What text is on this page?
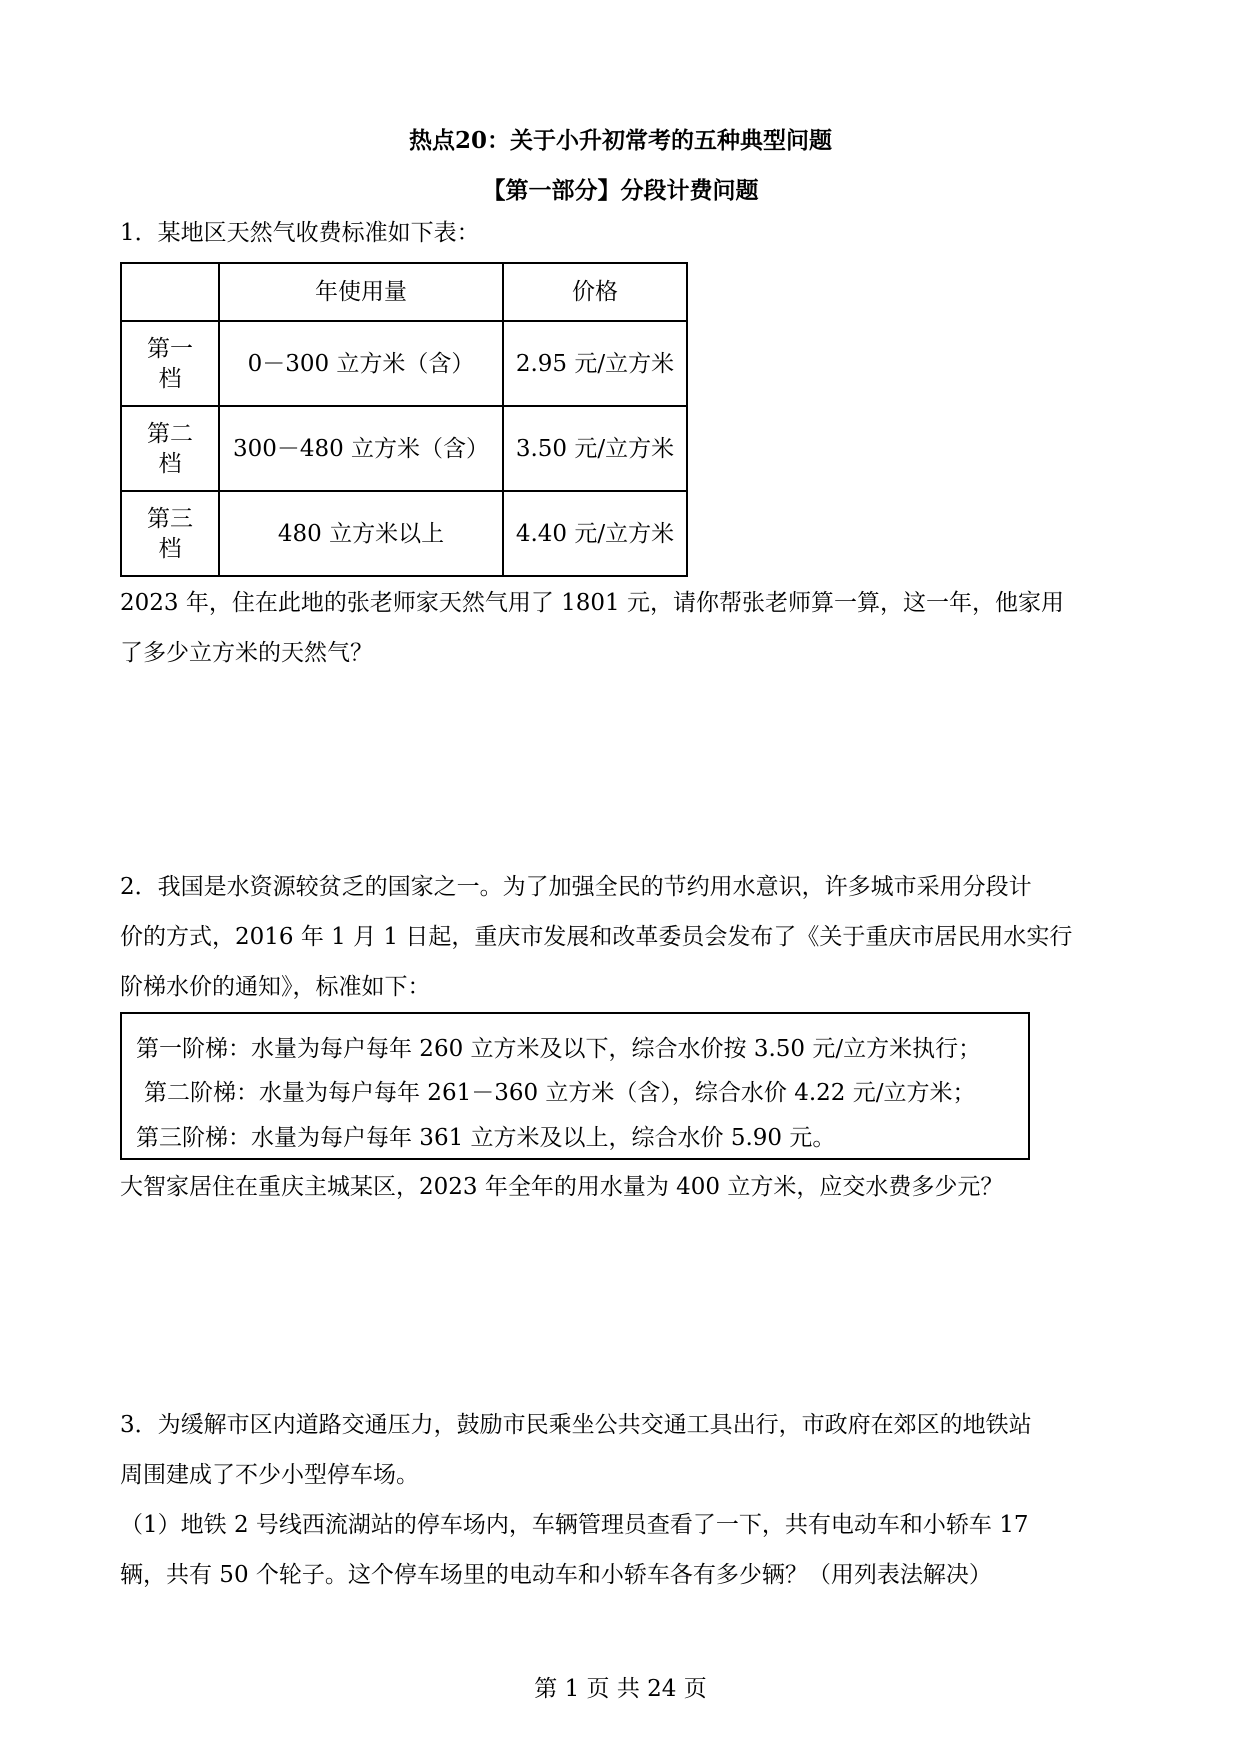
热点20：关于小升初常考的五种典型问题
【第一部分】分段计费问题
1．某地区天然气收费标准如下表：
	年使用量	价格

第一
档	0－300 立方米（含）	2.95 元/立方米

第二
档	300－480 立方米（含）	3.50 元/立方米

第三
档	480 立方米以上	4.40 元/立方米
2023 年，住在此地的张老师家天然气用了 1801 元，请你帮张老师算一算，这一年，他家用
了多少立方米的天然气？
2．我国是水资源较贫乏的国家之一。为了加强全民的节约用水意识，许多城市采用分段计
价的方式，2016 年 1 月 1 日起，重庆市发展和改革委员会发布了《关于重庆市居民用水实行
阶梯水价的通知》，标准如下：
第一阶梯：水量为每户每年 260 立方米及以下，综合水价按 3.50 元/立方米执行；
第二阶梯：水量为每户每年 261－360 立方米（含），综合水价 4.22 元/立方米；
第三阶梯：水量为每户每年 361 立方米及以上，综合水价 5.90 元。
大智家居住在重庆主城某区，2023 年全年的用水量为 400 立方米，应交水费多少元？
3．为缓解市区内道路交通压力，鼓励市民乘坐公共交通工具出行，市政府在郊区的地铁站
周围建成了不少小型停车场。
（1）地铁 2 号线西流湖站的停车场内，车辆管理员查看了一下，共有电动车和小轿车 17
辆，共有 50 个轮子。这个停车场里的电动车和小轿车各有多少辆？（用列表法解决）
第 1 页 共 24 页
